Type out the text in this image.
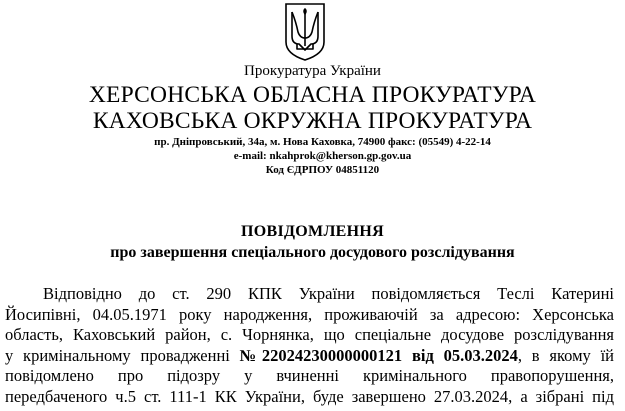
Прокуратура України
ХЕРСОНСЬКА ОБЛАСНА ПРОКУРАТУРА
КАХОВСЬКА ОКРУЖНА ПРОКУРАТУРА
пр. Дніпровський, 34а, м. Нова Каховка, 74900 факс: (05549) 4-22-14
e-mail: nkahprok@kherson.gp.gov.ua
Код ЄДРПОУ 04851120
ПОВІДОМЛЕННЯ
про завершення спеціального досудового розслідування
Відповідно до ст. 290 КПК України повідомляється Теслі Катерині
Йосипівні, 04.05.1971 року народження, проживаючій за адресою: Херсонська
область, Каховський район, с. Чорнянка, що спеціальне досудове розслідування
у кримінальному провадженні №22024230000000121 від 05.03.2024, в якому їй
повідомлено про підозру у вчиненні кримінального правопорушення,
передбаченого ч.5 ст. 111-1 КК України, буде завершено 27.03.2024, а зібрані під
